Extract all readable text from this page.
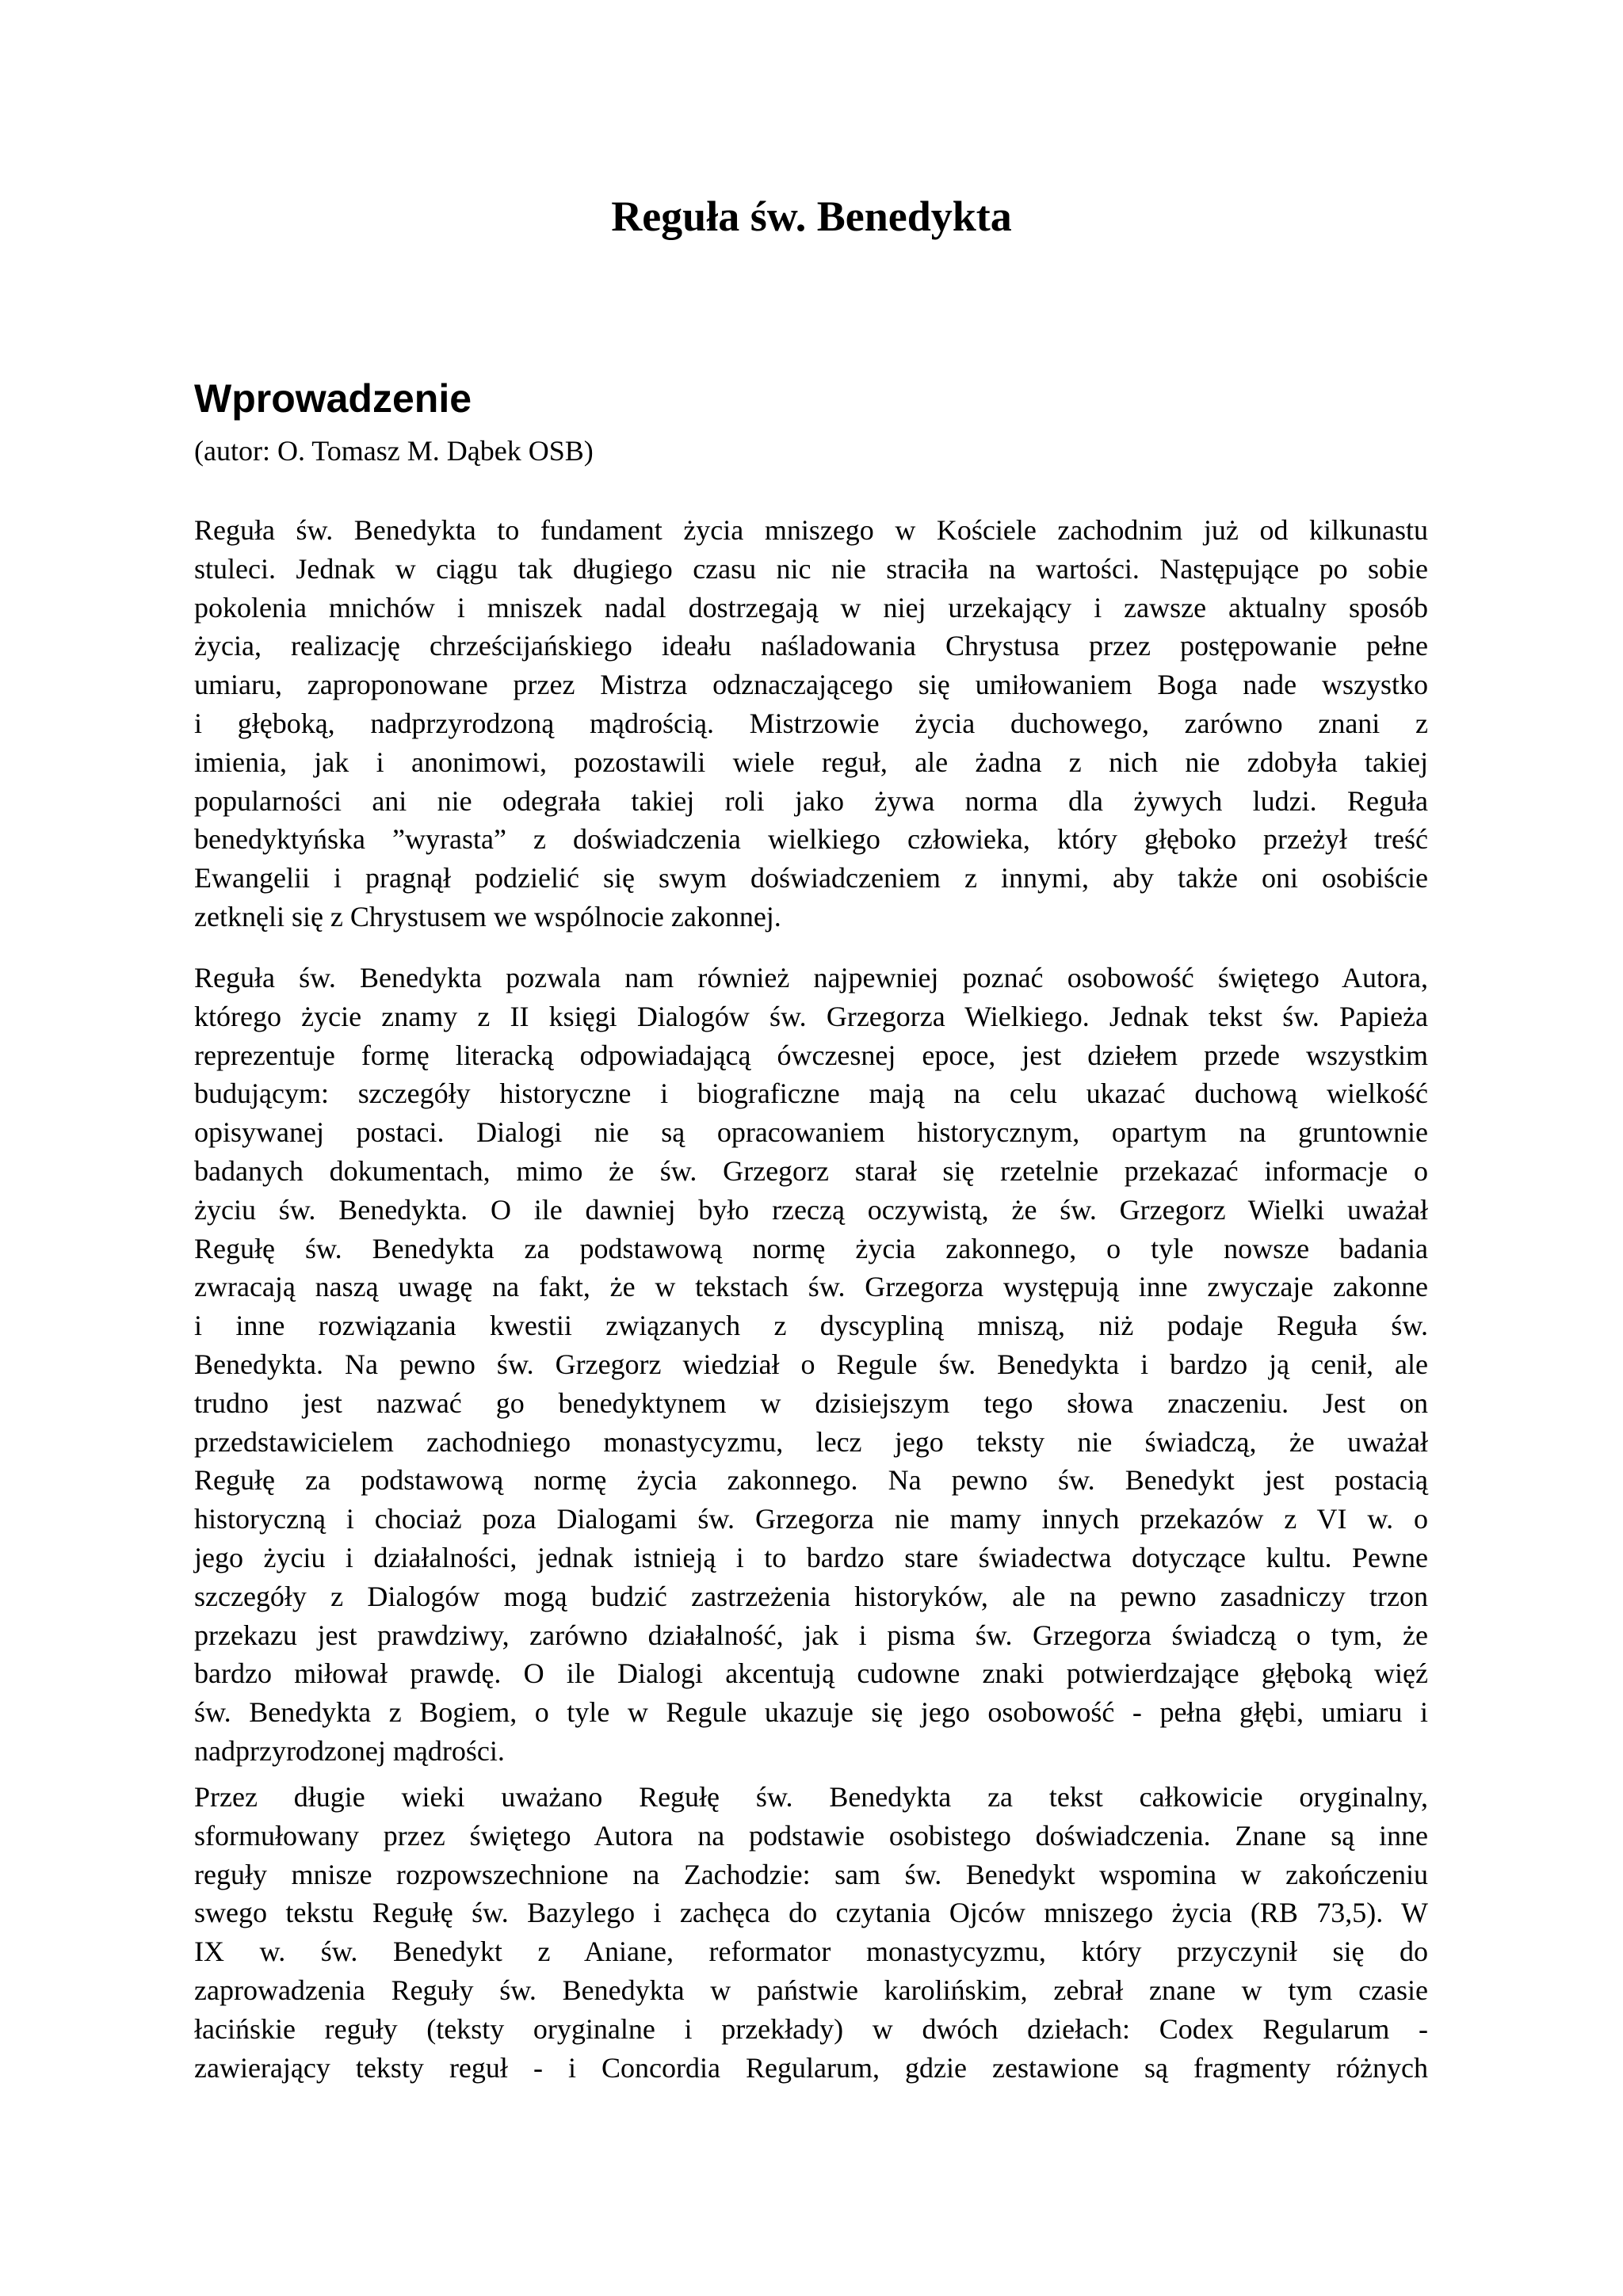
Reguła św. Benedykta
Wprowadzenie

(autor: O. Tomasz M. Dąbek OSB)

Reguła św. Benedykta to fundament życia mniszego w Kościele zachodnim już od kilkunastu
stuleci. Jednak w ciągu tak długiego czasu nic nie straciła na wartości. Następujące po sobie
pokolenia mnichów i mniszek nadal dostrzegają w niej urzekający i zawsze aktualny sposób
życia, realizację chrześcijańskiego ideału naśladowania Chrystusa przez postępowanie pełne
umiaru, zaproponowane przez Mistrza odznaczającego się umiłowaniem Boga nade wszystko
i głęboką, nadprzyrodzoną mądrością. Mistrzowie życia duchowego, zarówno znani z
imienia, jak i anonimowi, pozostawili wiele reguł, ale żadna z nich nie zdobyła takiej
popularności ani nie odegrała takiej roli jako żywa norma dla żywych ludzi. Reguła
benedyktyńska ”wyrasta” z doświadczenia wielkiego człowieka, który głęboko przeżył treść
Ewangelii i pragnął podzielić się swym doświadczeniem z innymi, aby także oni osobiście
zetknęli się z Chrystusem we wspólnocie zakonnej.
Reguła św. Benedykta pozwala nam również najpewniej poznać osobowość świętego Autora,
którego życie znamy z II księgi Dialogów św. Grzegorza Wielkiego. Jednak tekst św. Papieża
reprezentuje formę literacką odpowiadającą ówczesnej epoce, jest dziełem przede wszystkim
budującym: szczegóły historyczne i biograficzne mają na celu ukazać duchową wielkość
opisywanej postaci. Dialogi nie są opracowaniem historycznym, opartym na gruntownie
badanych dokumentach, mimo że św. Grzegorz starał się rzetelnie przekazać informacje o
życiu św. Benedykta. O ile dawniej było rzeczą oczywistą, że św. Grzegorz Wielki uważał
Regułę św. Benedykta za podstawową normę życia zakonnego, o tyle nowsze badania
zwracają naszą uwagę na fakt, że w tekstach św. Grzegorza występują inne zwyczaje zakonne
i inne rozwiązania kwestii związanych z dyscypliną mniszą, niż podaje Reguła św.
Benedykta. Na pewno św. Grzegorz wiedział o Regule św. Benedykta i bardzo ją cenił, ale
trudno jest nazwać go benedyktynem w dzisiejszym tego słowa znaczeniu. Jest on
przedstawicielem zachodniego monastycyzmu, lecz jego teksty nie świadczą, że uważał
Regułę za podstawową normę życia zakonnego. Na pewno św. Benedykt jest postacią
historyczną i chociaż poza Dialogami św. Grzegorza nie mamy innych przekazów z VI w. o
jego życiu i działalności, jednak istnieją i to bardzo stare świadectwa dotyczące kultu. Pewne
szczegóły z Dialogów mogą budzić zastrzeżenia historyków, ale na pewno zasadniczy trzon
przekazu jest prawdziwy, zarówno działalność, jak i pisma św. Grzegorza świadczą o tym, że
bardzo miłował prawdę. O ile Dialogi akcentują cudowne znaki potwierdzające głęboką więź
św. Benedykta z Bogiem, o tyle w Regule ukazuje się jego osobowość - pełna głębi, umiaru i
nadprzyrodzonej mądrości.
Przez długie wieki uważano Regułę św. Benedykta za tekst całkowicie oryginalny,
sformułowany przez świętego Autora na podstawie osobistego doświadczenia. Znane są inne
reguły mnisze rozpowszechnione na Zachodzie: sam św. Benedykt wspomina w zakończeniu
swego tekstu Regułę św. Bazylego i zachęca do czytania Ojców mniszego życia (RB 73,5). W
IX w. św. Benedykt z Aniane, reformator monastycyzmu, który przyczynił się do
zaprowadzenia Reguły św. Benedykta w państwie karolińskim, zebrał znane w tym czasie
łacińskie reguły (teksty oryginalne i przekłady) w dwóch dziełach: Codex Regularum -
zawierający teksty reguł - i Concordia Regularum, gdzie zestawione są fragmenty różnych
